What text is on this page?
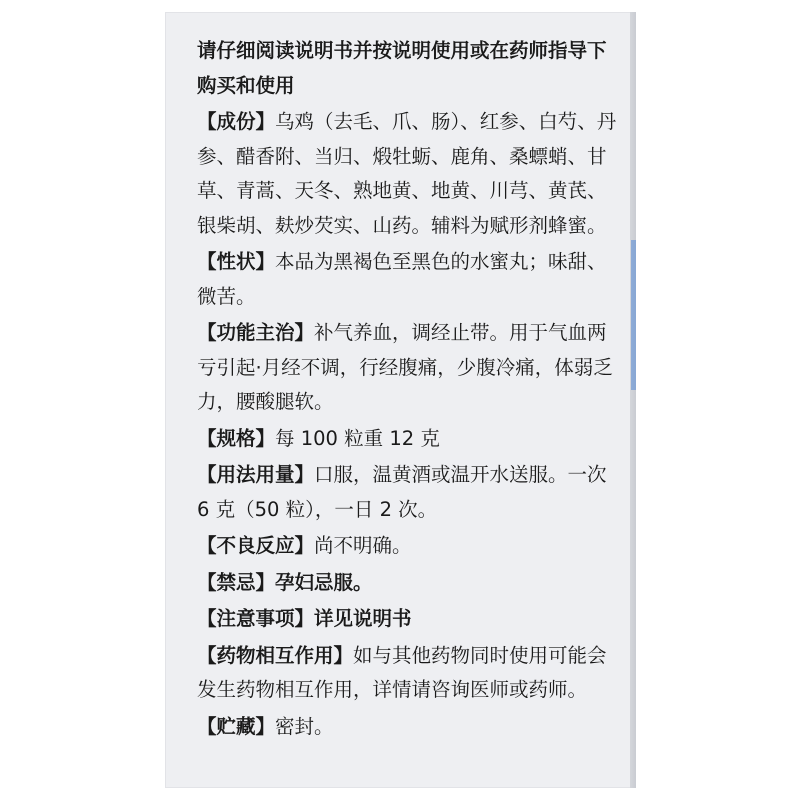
请仔细阅读说明书并按说明使用或在药师指导下购买和使用

【成份】乌鸡（去毛、爪、肠）、红参、白芍、丹参、醋香附、当归、煅牡蛎、鹿角、桑螵蛸、甘草、青蒿、天冬、熟地黄、地黄、川芎、黄芪、银柴胡、麸炒芡实、山药。辅料为赋形剂蜂蜜。

【性状】本品为黑褐色至黑色的水蜜丸；味甜、微苦。

【功能主治】补气养血，调经止带。用于气血两亏引起·月经不调，行经腹痛，少腹冷痛，体弱乏力，腰酸腿软。

【规格】每 100 粒重 12 克

【用法用量】口服，温黄酒或温开水送服。一次 6 克（50 粒），一日 2 次。

【不良反应】尚不明确。

【禁忌】孕妇忌服。

【注意事项】详见说明书

【药物相互作用】如与其他药物同时使用可能会发生药物相互作用，详情请咨询医师或药师。

【贮藏】密封。
